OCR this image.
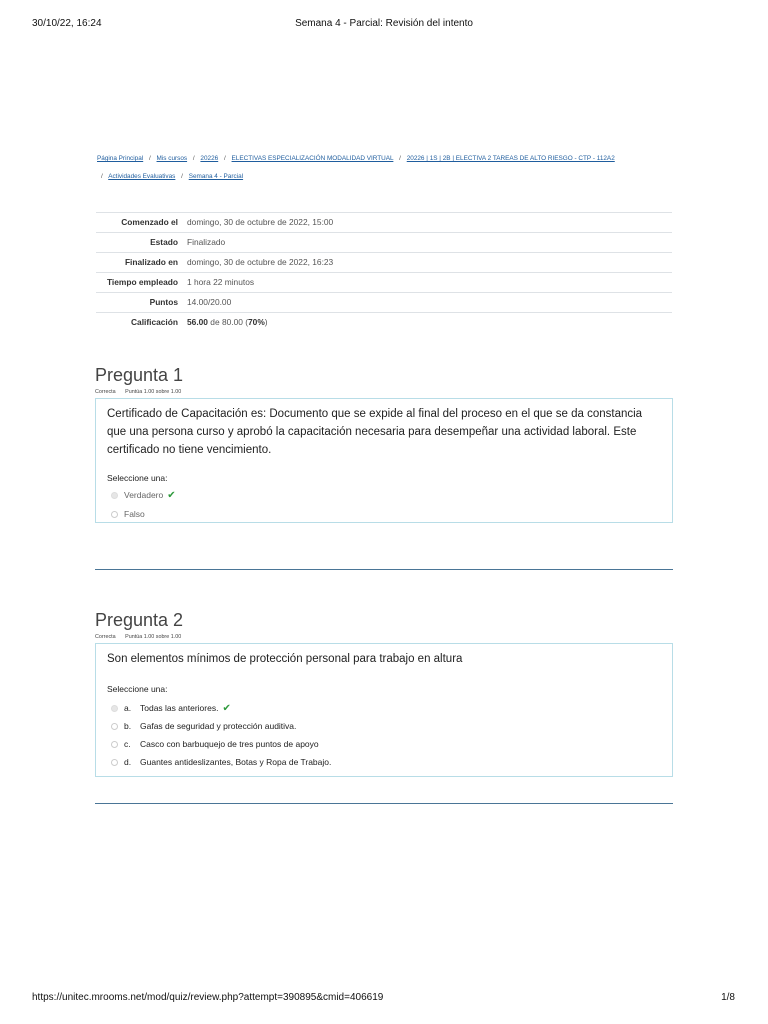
30/10/22, 16:24	Semana 4 - Parcial: Revisión del intento
Página Principal / Mis cursos / 20226 / ELECTIVAS ESPECIALIZACIÓN MODALIDAD VIRTUAL / 20226 | 1S | 2B | ELECTIVA 2 TAREAS DE ALTO RIESGO - CTP - 112A2
/ Actividades Evaluativas / Semana 4 - Parcial
Comenzado el	domingo, 30 de octubre de 2022, 15:00
Estado	Finalizado
Finalizado en	domingo, 30 de octubre de 2022, 16:23
Tiempo empleado	1 hora 22 minutos
Puntos	14.00/20.00
Calificación	56.00 de 80.00 (70%)
Pregunta 1
Correcta Puntúa 1.00 sobre 1.00
Certificado de Capacitación es: Documento que se expide al final del proceso en el que se da constancia que una persona curso y aprobó la capacitación necesaria para desempeñar una actividad laboral. Este certificado no tiene vencimiento.
Seleccione una:
Verdadero ✔
Falso
Pregunta 2
Correcta Puntúa 1.00 sobre 1.00
Son elementos mínimos de protección personal para trabajo en altura
Seleccione una:
a.	Todas las anteriores. ✔
b.	Gafas de seguridad y protección auditiva.
c.	Casco con barbuquejo de tres puntos de apoyo
d.	Guantes antideslizantes, Botas y Ropa de Trabajo.
https://unitec.mrooms.net/mod/quiz/review.php?attempt=390895&cmid=406619	1/8
